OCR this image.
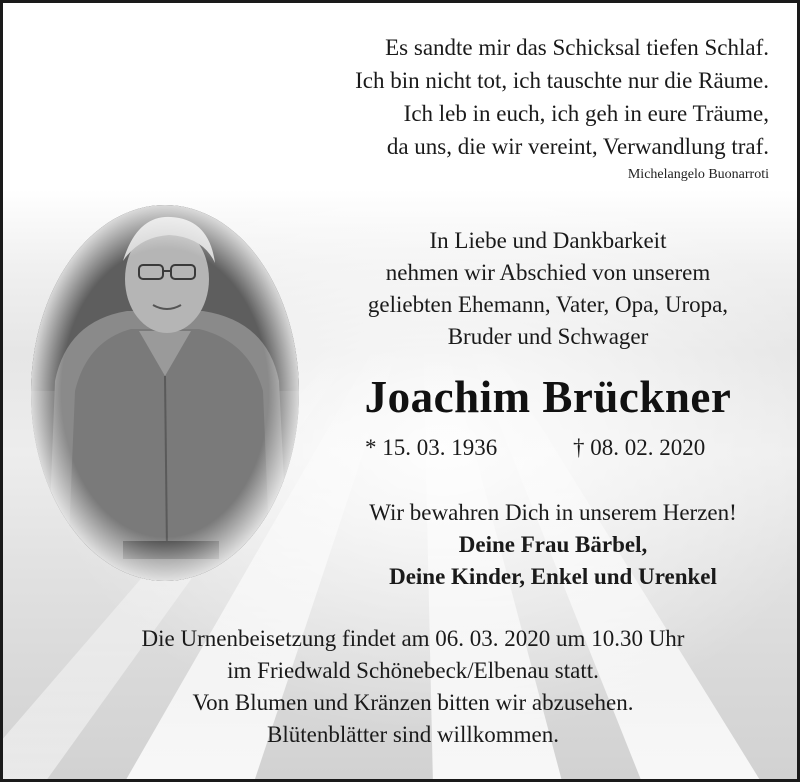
Es sandte mir das Schicksal tiefen Schlaf.
Ich bin nicht tot, ich tauschte nur die Räume.
Ich leb in euch, ich geh in eure Träume,
da uns, die wir vereint, Verwandlung traf.
Michelangelo Buonarroti
In Liebe und Dankbarkeit
nehmen wir Abschied von unserem
geliebten Ehemann, Vater, Opa, Uropa,
Bruder und Schwager
Joachim Brückner
* 15. 03. 1936	† 08. 02. 2020
Wir bewahren Dich in unserem Herzen!
Deine Frau Bärbel,
Deine Kinder, Enkel und Urenkel
Die Urnenbeisetzung findet am 06. 03. 2020 um 10.30 Uhr
im Friedwald Schönebeck/Elbenau statt.
Von Blumen und Kränzen bitten wir abzusehen.
Blütenblätter sind willkommen.
